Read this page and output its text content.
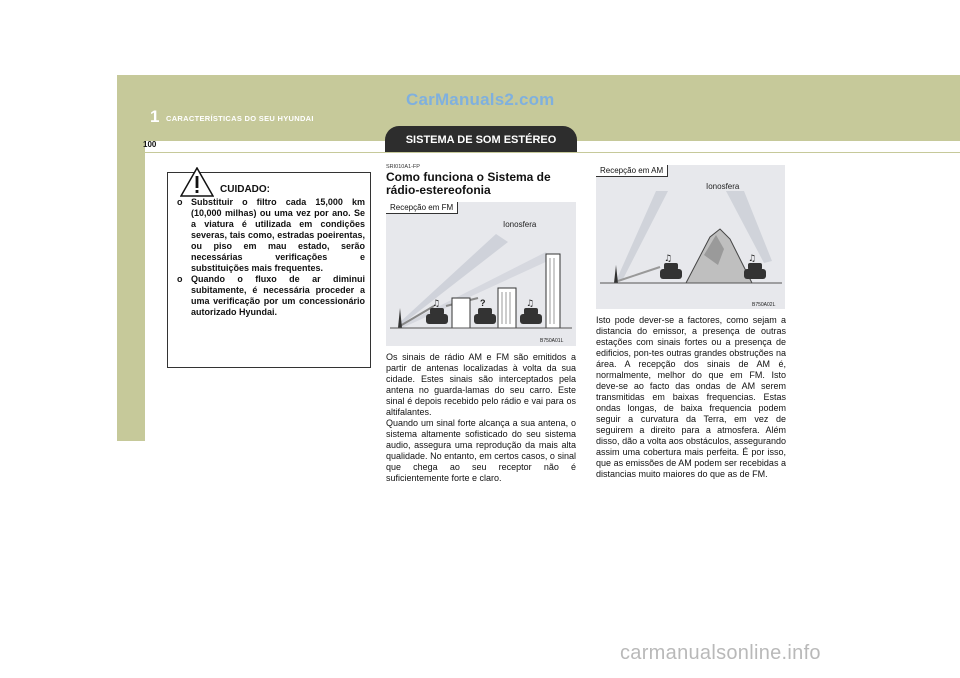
1 CARACTERÍSTICAS DO SEU HYUNDAI
CarManuals2.com
100	SISTEMA DE SOM ESTÉREO
CUIDADO:
o Substituir o filtro cada 15,000 km (10,000 milhas) ou uma vez por ano. Se a viatura é utilizada em condições severas, tais como, estradas poeirentas, ou piso em mau estado, serão necessárias verificações e substituições mais frequentes.
o Quando o fluxo de ar diminui subitamente, é necessária proceder a uma verificação por um concessionário autorizado Hyundai.
SRI010A1-FP
Como funciona o Sistema de rádio-estereofonia
♫	♫
Recepção em FM
Ionosfera
?
B750A01L

Os sinais de rádio AM e FM são emitidos a partir de antenas localizadas à volta da sua cidade. Estes sinais são interceptados pela antena no guarda-lamas do seu carro. Este sinal é depois recebido pelo rádio e vai para os altifalantes.
Quando um sinal forte alcança a sua antena, o sistema altamente sofisticado do seu sistema audio, assegura uma reprodução da mais alta qualidade. No entanto, em certos casos, o sinal que chega ao seu receptor não é suficientemente forte e claro.

♫	♫
Recepção em AM
Ionosfera
B750A02L

Isto pode dever-se a factores, como sejam a distancia do emissor, a presença de outras estações com sinais fortes ou a presença de edificios, pon-tes outras grandes obstruções na área. A recepção dos sinais de AM é, normalmente, melhor do que em FM. Isto deve-se ao facto das ondas de AM serem transmitidas em baixas frequencias. Estas ondas longas, de baixa frequencia podem seguir a curvatura da Terra, em vez de seguirem a direito para a atmosfera. Além disso, dão a volta aos obstáculos, assegurando assim uma cobertura mais perfeita. É por isso, que as emissões de AM podem ser recebidas a distancias muito maiores do que as de FM.

carmanualsonline.info
